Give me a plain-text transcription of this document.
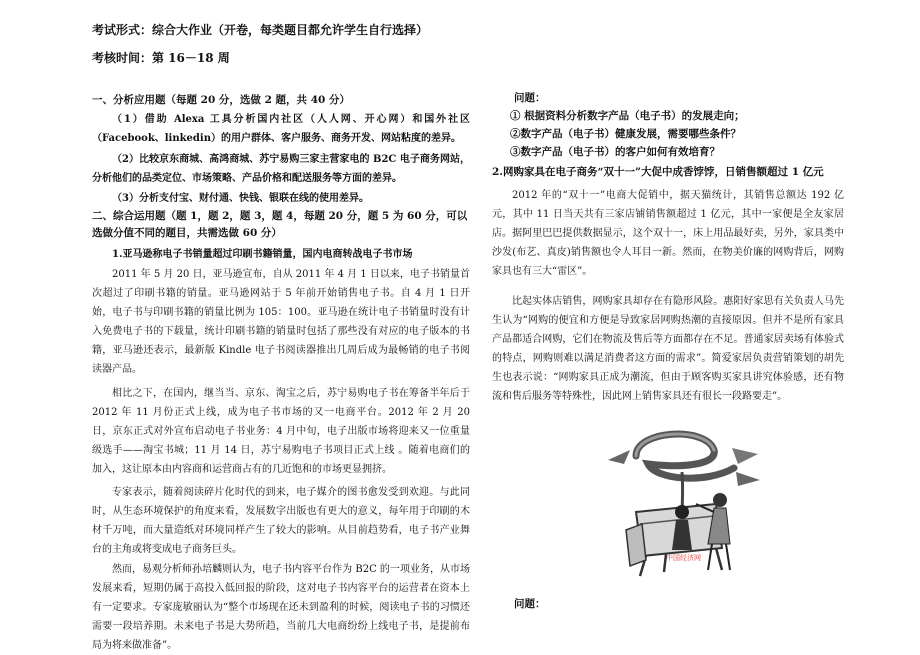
考试形式：综合大作业（开卷，每类题目都允许学生自行选择）
考核时间：第 16－18 周
一、分析应用题（每题 20 分，选做 2 题，共 40 分）
（1）借助 Alexa 工具分析国内社区（人人网、开心网）和国外社区（Facebook、linkedin）的用户群体、客户服务、商务开发、网站粘度的差异。
（2）比较京东商城、高鸿商城、苏宁易购三家主营家电的 B2C 电子商务网站，分析他们的品类定位、市场策略、产品价格和配送服务等方面的差异。
（3）分析支付宝、财付通、快钱、银联在线的使用差异。
二、综合运用题（题 1，题 2，题 3，题 4，每题 20 分，题 5 为 60 分，可以选做分值不同的题目，共需选做 60 分）
1.亚马逊称电子书销量超过印刷书籍销量，国内电商转战电子书市场
2011 年 5 月 20 日，亚马逊宣布，自从 2011 年 4 月 1 日以来，电子书销量首次超过了印刷书籍的销量。亚马逊网站于 5 年前开始销售电子书。自 4 月 1 日开始，电子书与印刷书籍的销量比例为 105：100。亚马逊在统计电子书销量时没有计入免费电子书的下载量，统计印刷书籍的销量时包括了那些没有对应的电子版本的书籍，亚马逊还表示，最新版 Kindle 电子书阅读器推出几周后成为最畅销的电子书阅读器产品。
相比之下，在国内，继当当、京东、淘宝之后，苏宁易购电子书在筹备半年后于 2012 年 11 月份正式上线，成为电子书市场的又一电商平台。2012 年 2 月 20 日，京东正式对外宣布启动电子书业务：4 月中旬，电子出版市场将迎来又一位重量级选手——淘宝书城；11 月 14 日，苏宁易购电子书项目正式上线 。随着电商们的加入，这让原本由内容商和运营商占有的几近饱和的市场更显拥挤。
专家表示，随着阅读碎片化时代的到来，电子媒介的图书愈发受到欢迎。与此同时，从生态环境保护的角度来看，发展数字出版也有更大的意义，每年用于印刷的木材千万吨，而大量造纸对环境同样产生了较大的影响。从目前趋势看，电子书产业舞台的主角或将变成电子商务巨头。
然而，易观分析师孙培麟则认为，电子书内容平台作为 B2C 的一项业务，从市场发展来看，短期仍属于高投入低回报的阶段，这对电子书内容平台的运营者在资本上有一定要求。专家庞敏丽认为“整个市场现在还未到盈利的时候，阅读电子书的习惯还需要一段培养期。未来电子书是大势所趋，当前几大电商纷纷上线电子书，是提前布局为将来做准备”。
问题：
① 根据资料分析数字产品（电子书）的发展走向；
②数字产品（电子书）健康发展，需要哪些条件？
③数字产品（电子书）的客户如何有效培育？
2.网购家具在电子商务“双十一”大促中成香饽饽，日销售额超过 1 亿元
2012 年的“双十一”电商大促销中，据天猫统计，其销售总额达 192 亿元，其中 11 日当天共有三家店铺销售额超过 1 亿元，其中一家便是全友家居店。据阿里巴巴提供数据显示，这个双十一，床上用品最好卖，另外，家具类中沙发(布艺、真皮)销售额也令人耳目一新。然而，在物美价廉的网购背后，网购家具也有三大“雷区”。
比起实体店销售，网购家具却存在有隐形风险。惠阳好家思有关负责人马先生认为“网购的便宜和方便是导致家居网购热潮的直接原因。但并不是所有家具产品都适合网购，它们在物流及售后等方面都存在不足。普通家居卖场有体验式的特点，网购则难以满足消费者这方面的需求”。简爱家居负责营销策划的胡先生也表示说：“网购家具正成为潮流，但由于顾客购买家具讲究体验感，还有物流和售后服务等特殊性，因此网上销售家具还有很长一段路要走”。
问题：
中国经济网
